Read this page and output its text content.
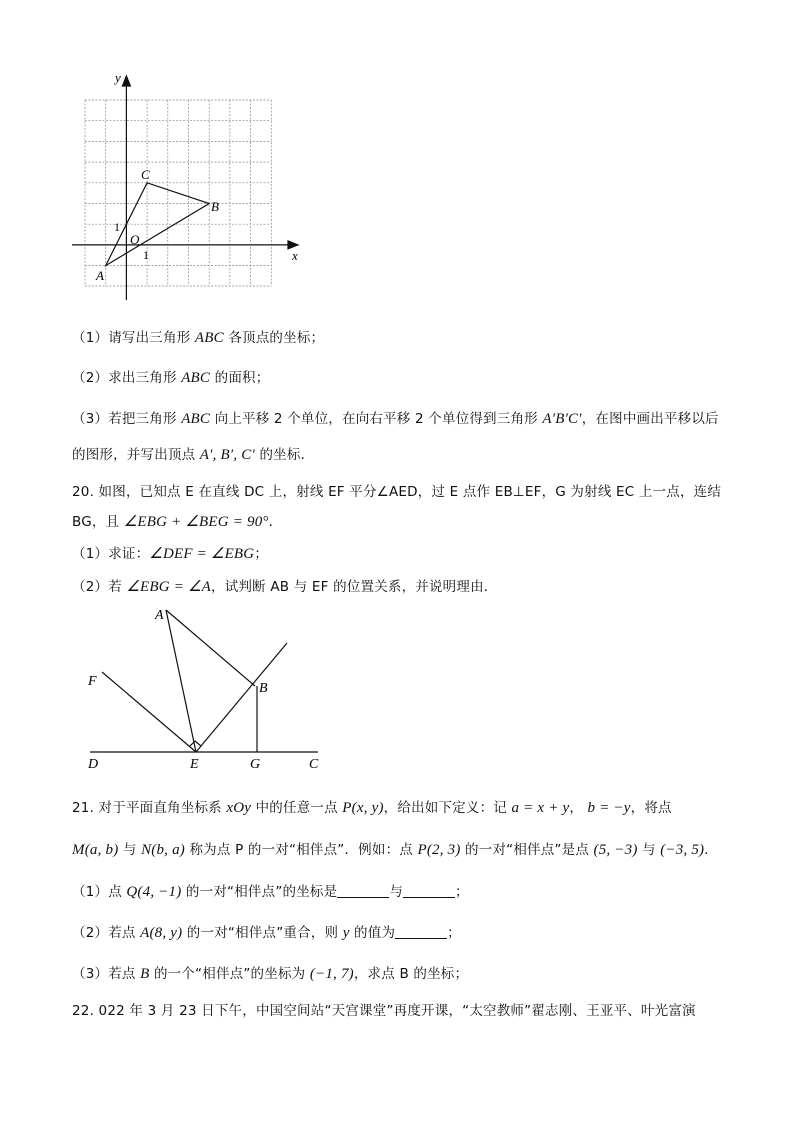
x
y
O
1
1
A
B
C
（1）请写出三角形 ABC 各顶点的坐标；
（2）求出三角形 ABC 的面积；
（3）若把三角形 ABC 向上平移 2 个单位，在向右平移 2 个单位得到三角形 A′B′C′，在图中画出平移以后
的图形，并写出顶点 A′, B′, C′ 的坐标．
20. 如图，已知点 E 在直线 DC 上，射线 EF 平分∠AED，过 E 点作 EB⊥EF，G 为射线 EC 上一点，连结
BG，且 ∠EBG + ∠BEG = 90°．
（1）求证：∠DEF = ∠EBG；
（2）若 ∠EBG = ∠A，试判断 AB 与 EF 的位置关系，并说明理由．
A
B
F
D	E	G	C
21. 对于平面直角坐标系 xOy 中的任意一点 P(x, y)，给出如下定义：记 a = x + y， b = −y，将点
M(a, b) 与 N(b, a) 称为点 P 的一对“相伴点”．例如：点 P(2, 3) 的一对“相伴点”是点 (5, −3) 与 (−3, 5)．
（1）点 Q(4, −1) 的一对“相伴点”的坐标是	与	；
（2）若点 A(8, y) 的一对“相伴点”重合，则 y 的值为	；
（3）若点 B 的一个“相伴点”的坐标为 (−1, 7)，求点 B 的坐标；
22. 022 年 3 月 23 日下午，中国空间站“天宫课堂”再度开课，“太空教师”翟志刚、王亚平、叶光富演
